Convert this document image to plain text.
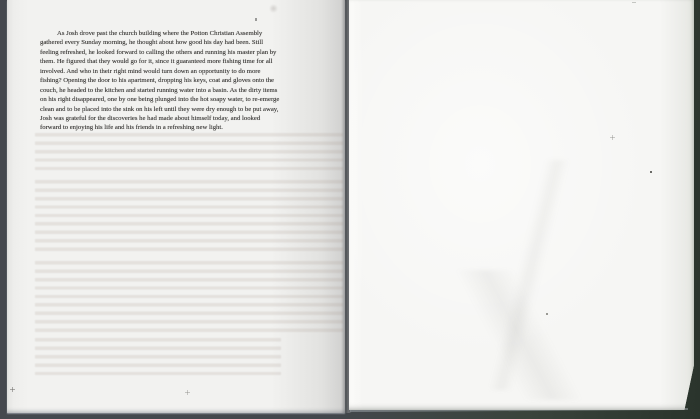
As Josh drove past the church building where the Potton Christian Assembly
gathered every Sunday morning, he thought about how good his day had been. Still
feeling refreshed, he looked forward to calling the others and running his master plan by
them. He figured that they would go for it, since it guaranteed more fishing time for all
involved. And who in their right mind would turn down an opportunity to do more
fishing? Opening the door to his apartment, dropping his keys, coat and gloves onto the
couch, he headed to the kitchen and started running water into a basin. As the dirty items
on his right disappeared, one by one being plunged into the hot soapy water, to re-emerge
clean and to be placed into the sink on his left until they were dry enough to be put away,
Josh was grateful for the discoveries he had made about himself today, and looked
forward to enjoying his life and his friends in a refreshing new light.
